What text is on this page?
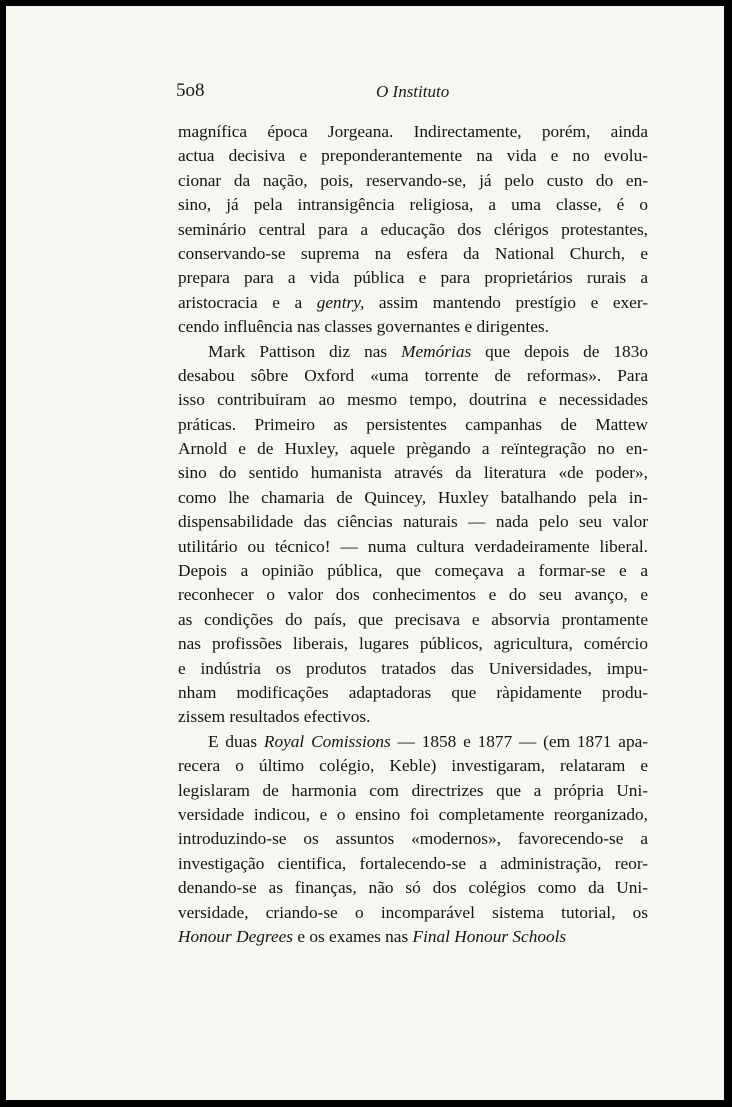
5o8	O Instituto
magnífica época Jorgeana. Indirectamente, porém, ainda
actua decisiva e preponderantemente na vida e no evolu-
cionar da nação, pois, reservando-se, já pelo custo do en-
sino, já pela intransigência religiosa, a uma classe, é o
seminário central para a educação dos clérigos protestantes,
conservando-se suprema na esfera da National Church, e
prepara para a vida pública e para proprietários rurais a
aristocracia e a gentry, assim mantendo prestígio e exer-
cendo influência nas classes governantes e dirigentes.
Mark Pattison diz nas Memórias que depois de 183o
desabou sôbre Oxford «uma torrente de reformas». Para
isso contribuiram ao mesmo tempo, doutrina e necessidades
práticas. Primeiro as persistentes campanhas de Mattew
Arnold e de Huxley, aquele prègando a reïntegração no en-
sino do sentido humanista através da literatura «de poder»,
como lhe chamaria de Quincey, Huxley batalhando pela in-
dispensabilidade das ciências naturais — nada pelo seu valor
utilitário ou técnico! — numa cultura verdadeiramente liberal.
Depois a opinião pública, que começava a formar-se e a
reconhecer o valor dos conhecimentos e do seu avanço, e
as condições do país, que precisava e absorvia prontamente
nas profissões liberais, lugares públicos, agricultura, comércio
e indústria os produtos tratados das Universidades, impu-
nham modificações adaptadoras que ràpidamente produ-
zissem resultados efectivos.
E duas Royal Comissions — 1858 e 1877 — (em 1871 apa-
recera o último colégio, Keble) investigaram, relataram e
legislaram de harmonia com directrizes que a própria Uni-
versidade indicou, e o ensino foi completamente reorganizado,
introduzindo-se os assuntos «modernos», favorecendo-se a
investigação cientifica, fortalecendo-se a administração, reor-
denando-se as finanças, não só dos colégios como da Uni-
versidade, criando-se o incomparável sistema tutorial, os
Honour Degrees e os exames nas Final Honour Schools
